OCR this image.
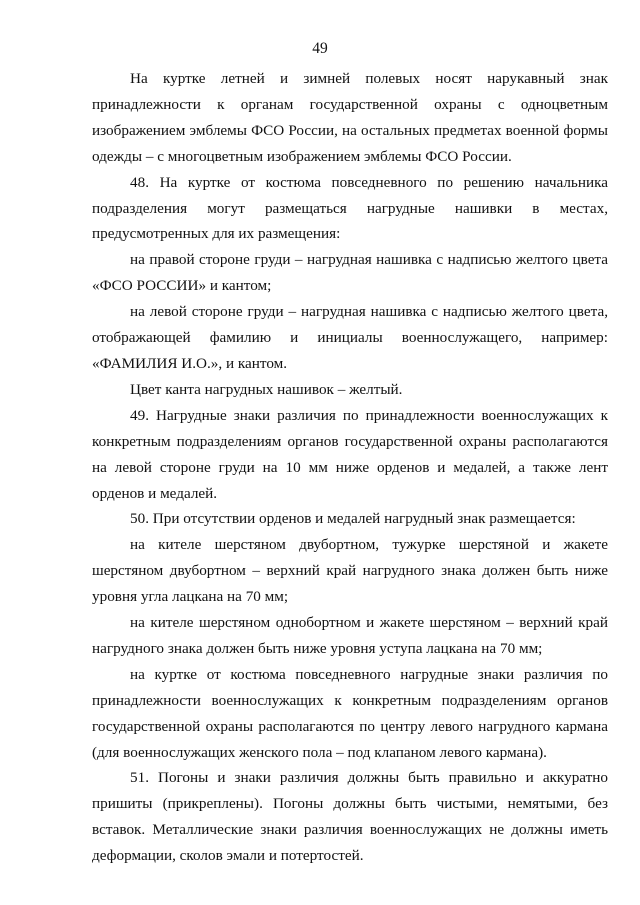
49

На куртке летней и зимней полевых носят нарукавный знак принадлежности к органам государственной охраны с одноцветным изображением эмблемы ФСО России, на остальных предметах военной формы одежды – с многоцветным изображением эмблемы ФСО России.

48. На куртке от костюма повседневного по решению начальника подразделения могут размещаться нагрудные нашивки в местах, предусмотренных для их размещения:

на правой стороне груди – нагрудная нашивка с надписью желтого цвета «ФСО РОССИИ» и кантом;

на левой стороне груди – нагрудная нашивка с надписью желтого цвета, отображающей фамилию и инициалы военнослужащего, например: «ФАМИЛИЯ И.О.», и кантом.

Цвет канта нагрудных нашивок – желтый.

49. Нагрудные знаки различия по принадлежности военнослужащих к конкретным подразделениям органов государственной охраны располагаются на левой стороне груди на 10 мм ниже орденов и медалей, а также лент орденов и медалей.

50. При отсутствии орденов и медалей нагрудный знак размещается:

на кителе шерстяном двубортном, тужурке шерстяной и жакете шерстяном двубортном – верхний край нагрудного знака должен быть ниже уровня угла лацкана на 70 мм;

на кителе шерстяном однобортном и жакете шерстяном – верхний край нагрудного знака должен быть ниже уровня уступа лацкана на 70 мм;

на куртке от костюма повседневного нагрудные знаки различия по принадлежности военнослужащих к конкретным подразделениям органов государственной охраны располагаются по центру левого нагрудного кармана (для военнослужащих женского пола – под клапаном левого кармана).

51. Погоны и знаки различия должны быть правильно и аккуратно пришиты (прикреплены). Погоны должны быть чистыми, немятыми, без вставок. Металлические знаки различия военнослужащих не должны иметь деформации, сколов эмали и потертостей.
